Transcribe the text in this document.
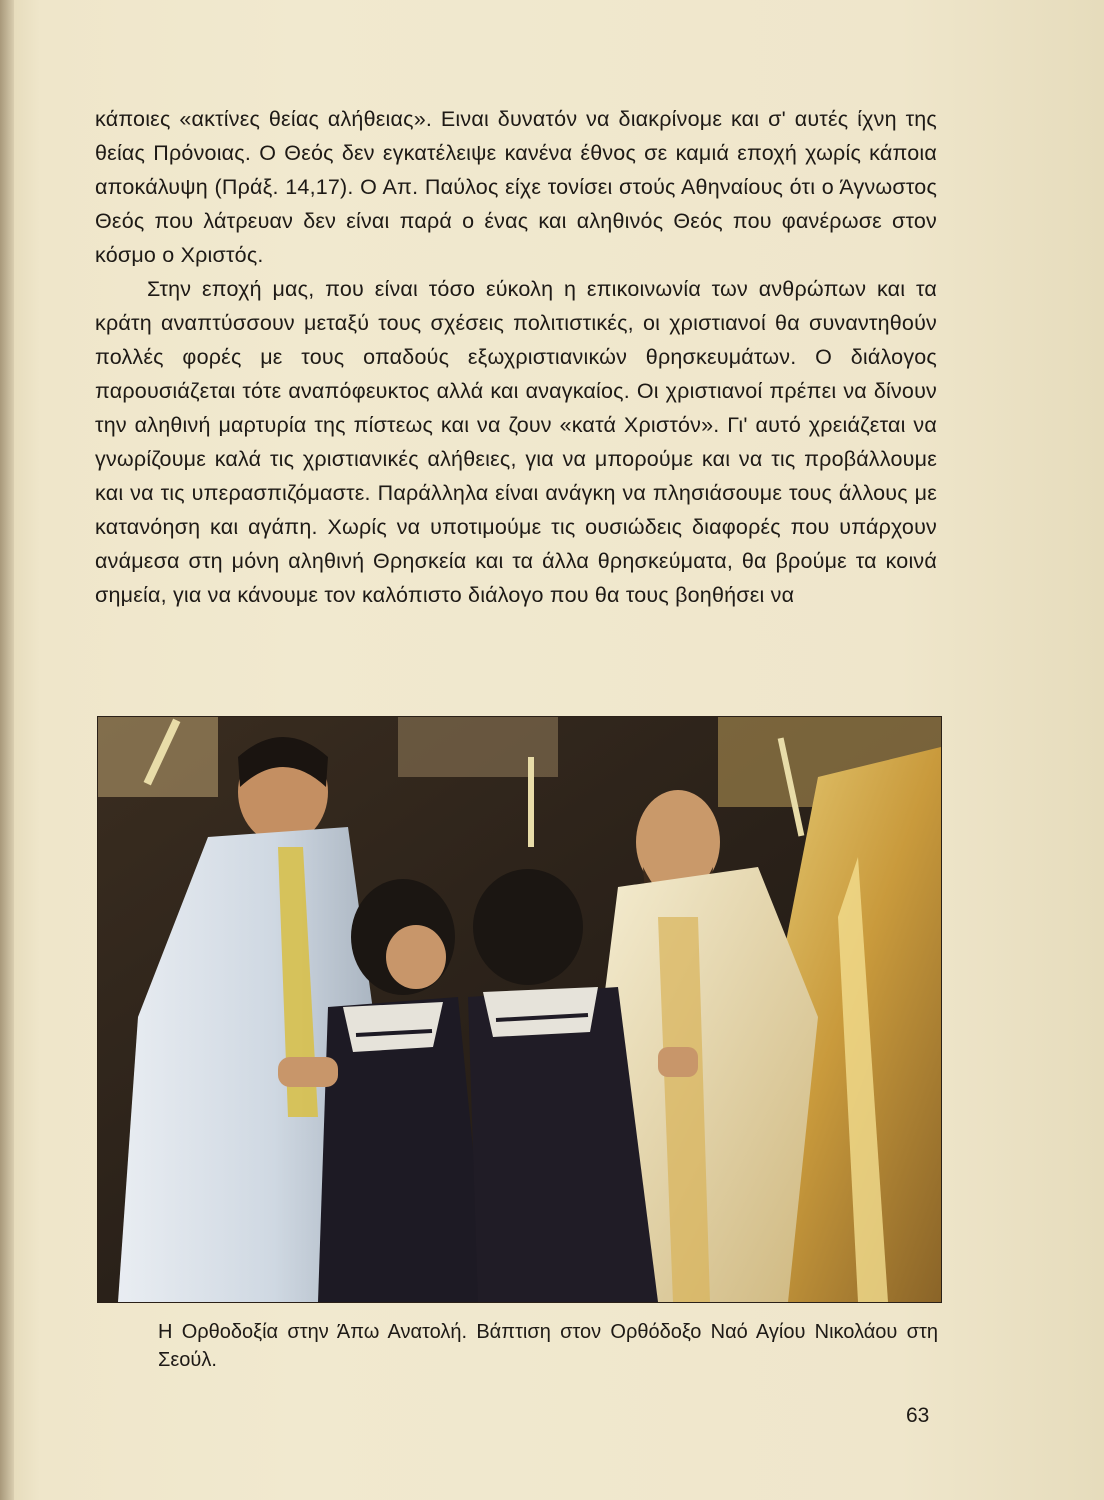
κάποιες «ακτίνες θείας αλήθειας». Ειναι δυνατόν να διακρίνομε και σ' αυτές ίχνη της θείας Πρόνοιας. Ο Θεός δεν εγκατέλειψε κανένα έθνος σε καμιά εποχή χωρίς κάποια αποκάλυψη (Πράξ. 14,17). Ο Απ. Παύλος είχε τονίσει στούς Αθηναίους ότι ο Άγνωστος Θεός που λάτρευαν δεν είναι παρά ο ένας και αληθινός Θεός που φανέρωσε στον κόσμο ο Χριστός.

Στην εποχή μας, που είναι τόσο εύκολη η επικοινωνία των ανθρώπων και τα κράτη αναπτύσσουν μεταξύ τους σχέσεις πολιτιστικές, οι χριστιανοί θα συναντηθούν πολλές φορές με τους οπαδούς εξωχριστιανικών θρησκευμάτων. Ο διάλογος παρουσιάζεται τότε αναπόφευκτος αλλά και αναγκαίος. Οι χριστιανοί πρέπει να δίνουν την αληθινή μαρτυρία της πίστεως και να ζουν «κατά Χριστόν». Γι' αυτό χρειάζεται να γνωρίζουμε καλά τις χριστιανικές αλήθειες, για να μπορούμε και να τις προβάλλουμε και να τις υπερασπιζόμαστε. Παράλληλα είναι ανάγκη να πλησιάσουμε τους άλλους με κατανόηση και αγάπη. Χωρίς να υποτιμούμε τις ουσιώδεις διαφορές που υπάρχουν ανάμεσα στη μόνη αληθινή Θρησκεία και τα άλλα θρησκεύματα, θα βρούμε τα κοινά σημεία, για να κάνουμε τον καλόπιστο διάλογο που θα τους βοηθήσει να

Η Ορθοδοξία στην Άπω Ανατολή. Βάπτιση στον Ορθόδοξο Ναό Αγίου Νικολάου στη Σεούλ.
63
